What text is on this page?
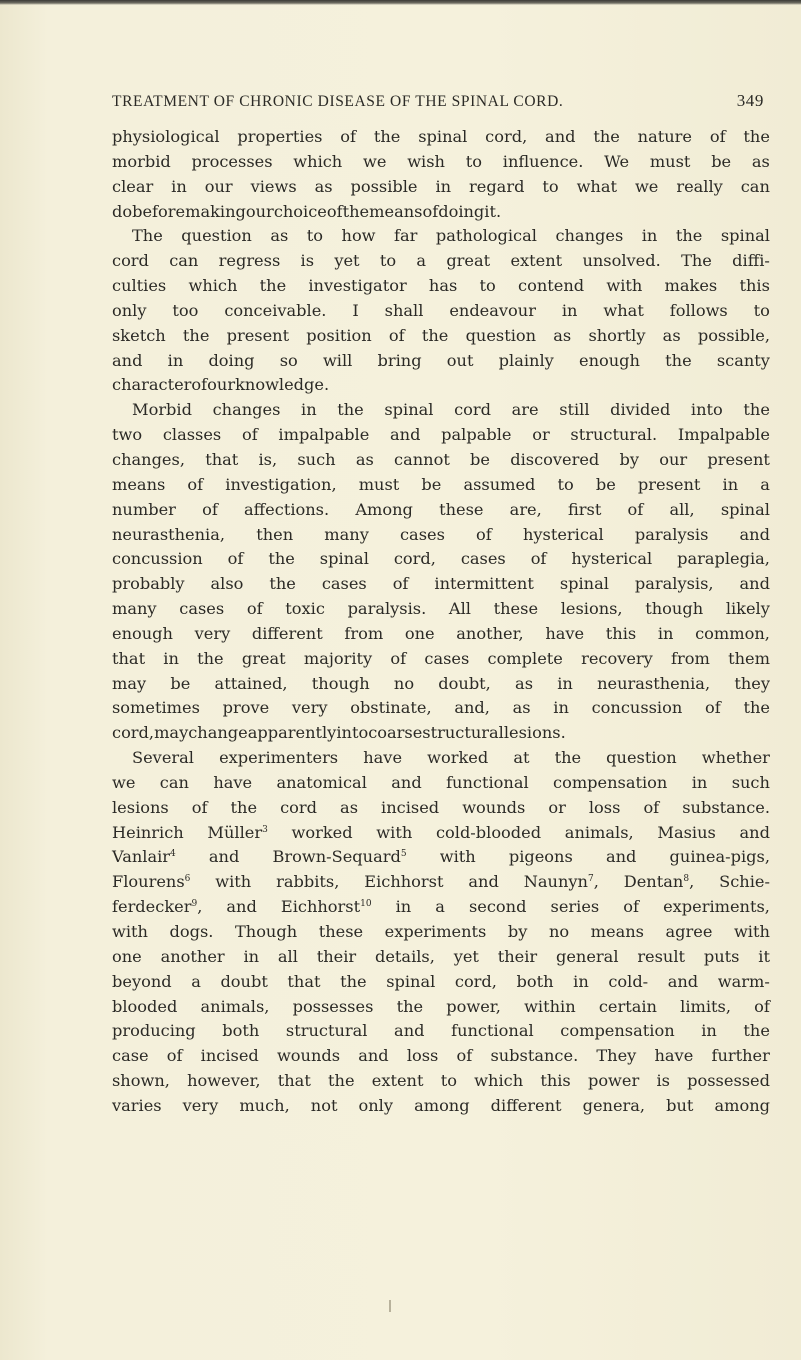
TREATMENT OF CHRONIC DISEASE OF THE SPINAL CORD.	349
physiological properties of the spinal cord, and the nature of the
morbid processes which we wish to influence. We must be as
clear in our views as possible in regard to what we really can
do before making our choice of the means of doing it.
The question as to how far pathological changes in the spinal
cord can regress is yet to a great extent unsolved. The diffi-
culties which the investigator has to contend with makes this
only too conceivable. I shall endeavour in what follows to
sketch the present position of the question as shortly as possible,
and in doing so will bring out plainly enough the scanty
character of our knowledge.
Morbid changes in the spinal cord are still divided into the
two classes of impalpable and palpable or structural. Impalpable
changes, that is, such as cannot be discovered by our present
means of investigation, must be assumed to be present in a
number of affections. Among these are, first of all, spinal
neurasthenia, then many cases of hysterical paralysis and
concussion of the spinal cord, cases of hysterical paraplegia,
probably also the cases of intermittent spinal paralysis, and
many cases of toxic paralysis. All these lesions, though likely
enough very different from one another, have this in common,
that in the great majority of cases complete recovery from them
may be attained, though no doubt, as in neurasthenia, they
sometimes prove very obstinate, and, as in concussion of the
cord, may change apparently into coarse structural lesions.
Several experimenters have worked at the question whether
we can have anatomical and functional compensation in such
lesions of the cord as incised wounds or loss of substance.
Heinrich Müller$^3$ worked with cold-blooded animals, Masius and
Vanlair$^4$ and Brown-Sequard$^5$ with pigeons and guinea-pigs,
Flourens$^6$ with rabbits, Eichhorst and Naunyn$^7$, Dentan$^8$, Schie-
ferdecker$^9$, and Eichhorst$^{10}$ in a second series of experiments,
with dogs. Though these experiments by no means agree with
one another in all their details, yet their general result puts it
beyond a doubt that the spinal cord, both in cold- and warm-
blooded animals, possesses the power, within certain limits, of
producing both structural and functional compensation in the
case of incised wounds and loss of substance. They have further
shown, however, that the extent to which this power is possessed
varies very much, not only among different genera, but among
